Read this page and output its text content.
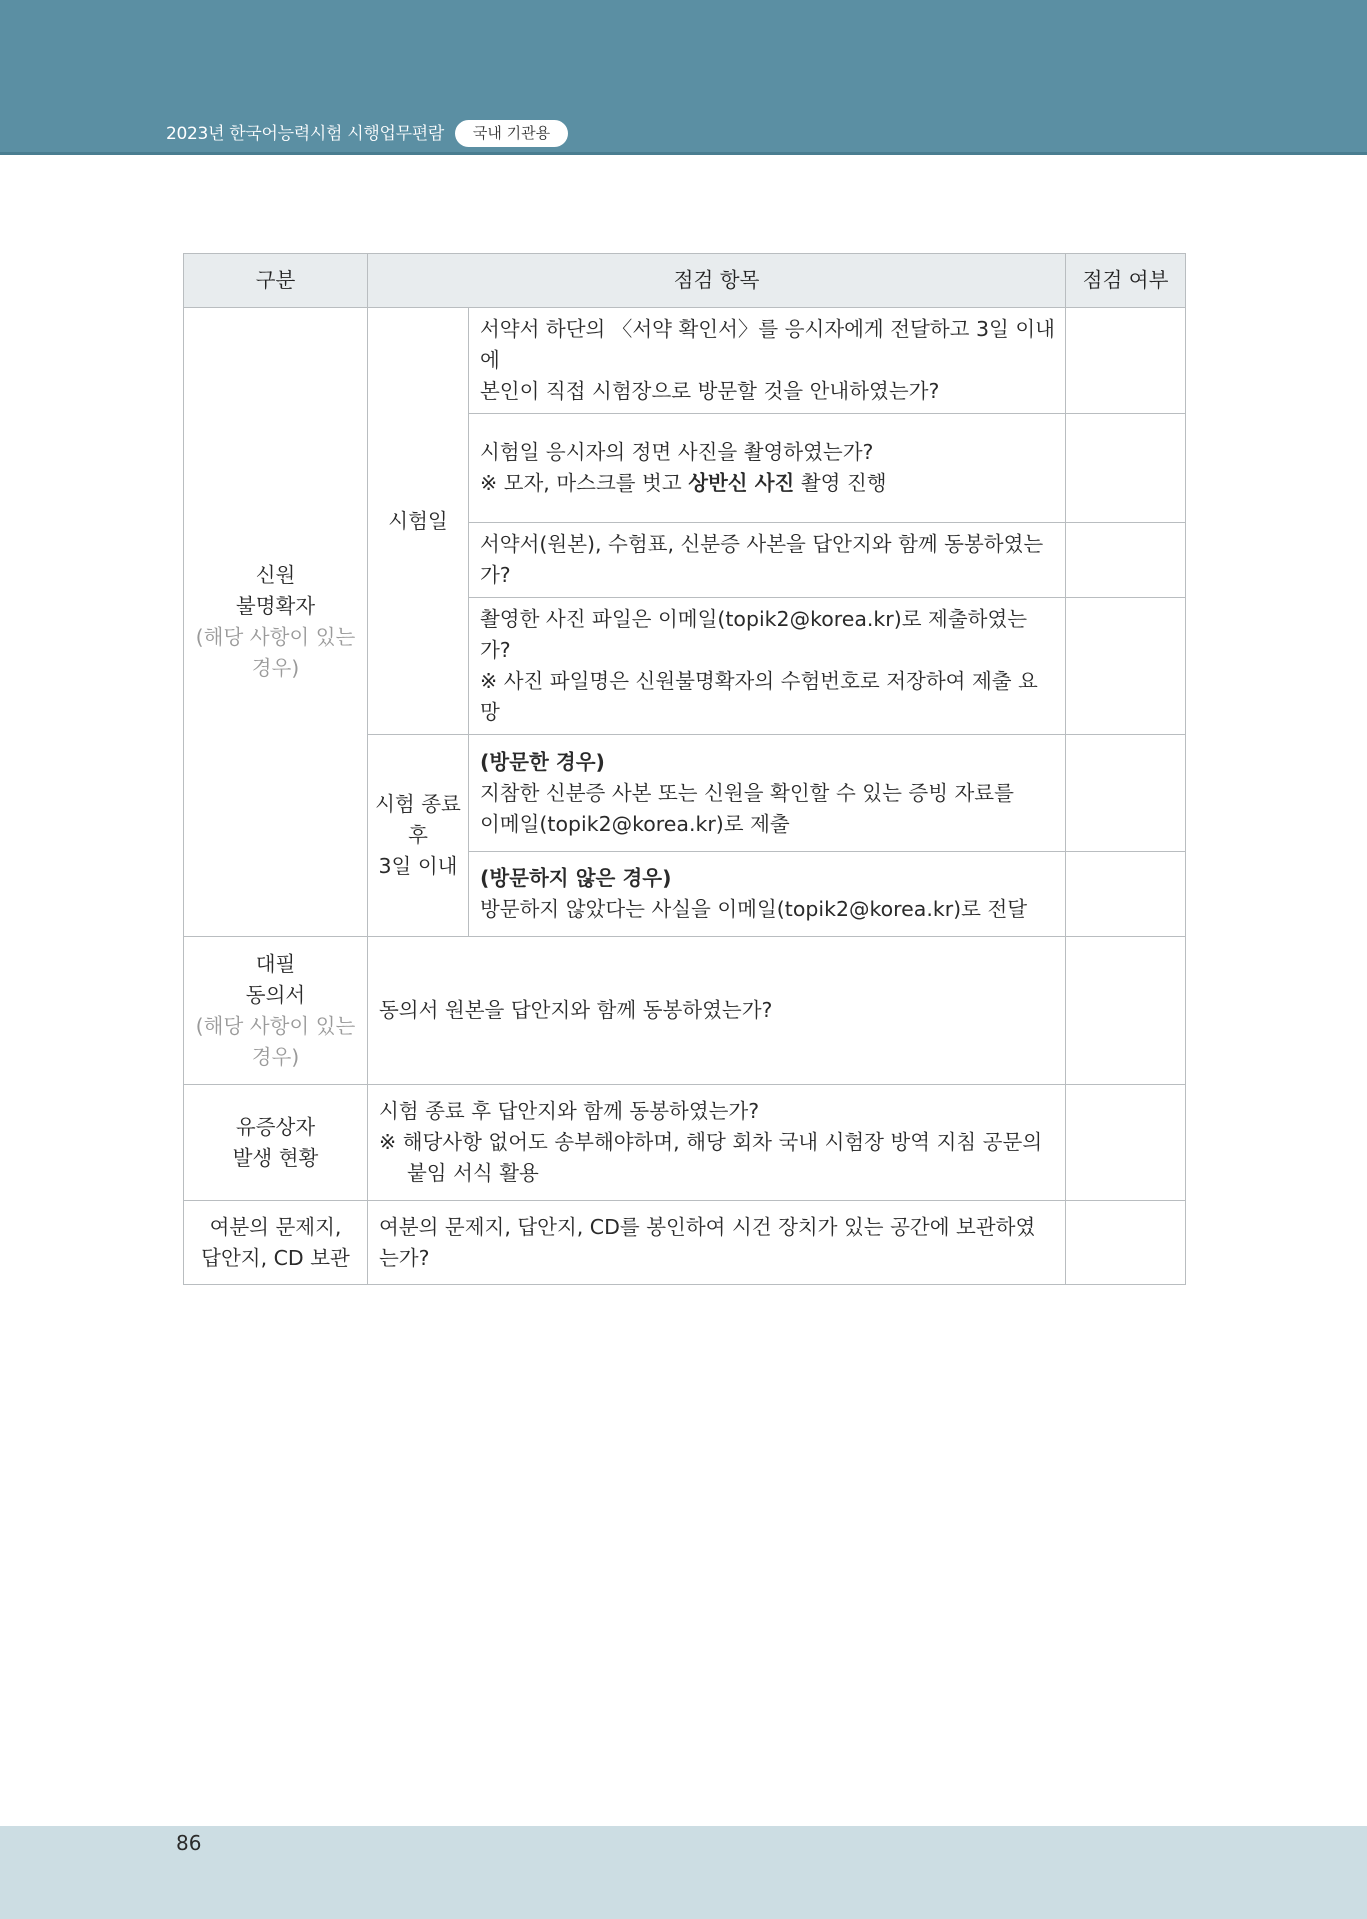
2023년 한국어능력시험 시행업무편람	국내 기관용
구분	점검 항목		점검 여부

신원
불명확자
(해당 사항이 있는
경우)	시험일	서약서 하단의 〈서약 확인서〉를 응시자에게 전달하고 3일 이내에
본인이 직접 시험장으로 방문할 것을 안내하였는가?	

		시험일 응시자의 정면 사진을 촬영하였는가?
※ 모자, 마스크를 벗고 상반신 사진 촬영 진행	

		서약서(원본), 수험표, 신분증 사본을 답안지와 함께 동봉하였는가?	

		촬영한 사진 파일은 이메일(topik2@korea.kr)로 제출하였는가?
※ 사진 파일명은 신원불명확자의 수험번호로 저장하여 제출 요망	

	시험 종료
후
3일 이내	(방문한 경우)
지참한 신분증 사본 또는 신원을 확인할 수 있는 증빙 자료를
이메일(topik2@korea.kr)로 제출	

		(방문하지 않은 경우)
방문하지 않았다는 사실을 이메일(topik2@korea.kr)로 전달	

대필
동의서
(해당 사항이 있는
경우)	동의서 원본을 답안지와 함께 동봉하였는가?		

유증상자
발생 현황	시험 종료 후 답안지와 함께 동봉하였는가?
※ 해당사항 없어도 송부해야하며, 해당 회차 국내 시험장 방역 지침 공문의
붙임 서식 활용		

여분의 문제지,
답안지, CD 보관	여분의 문제지, 답안지, CD를 봉인하여 시건 장치가 있는 공간에 보관하였는가?		
86
